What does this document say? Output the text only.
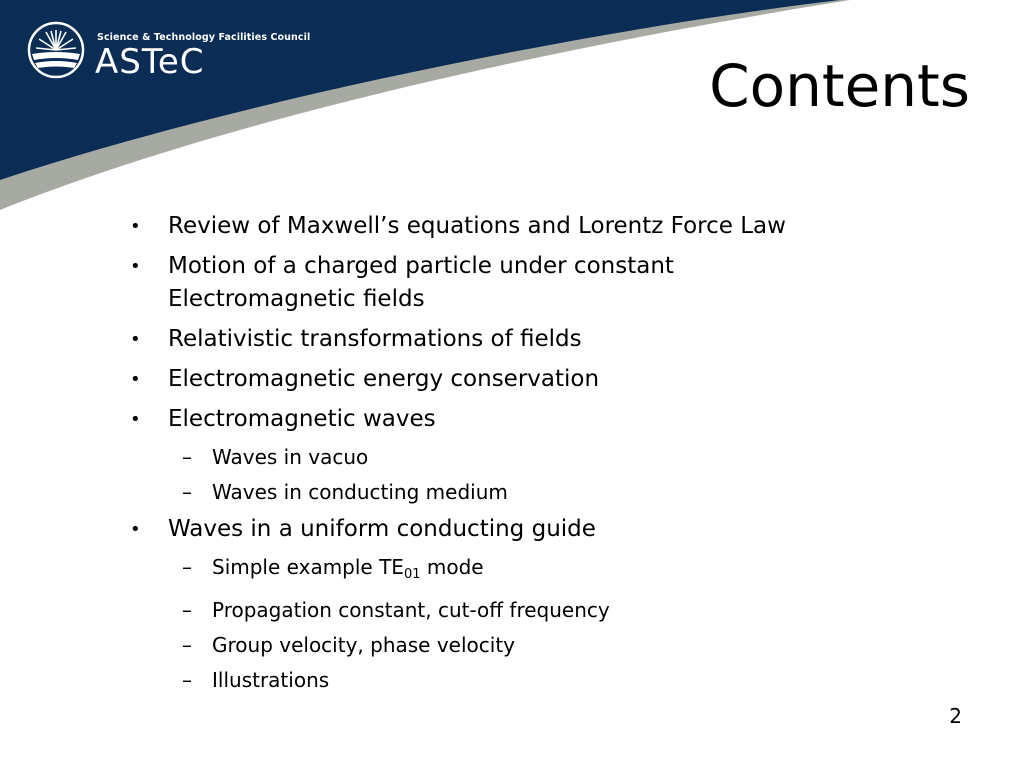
Science & Technology Facilities Council
ASTeC	Contents
• Review of Maxwell’s equations and Lorentz Force Law
• Motion of a charged particle under constant Electromagnetic fields
• Relativistic transformations of fields
• Electromagnetic energy conservation
• Electromagnetic waves
– Waves in vacuo
– Waves in conducting medium
• Waves in a uniform conducting guide
– Simple example $TE_{01}$ mode
– Propagation constant, cut-off frequency
– Group velocity, phase velocity
– Illustrations
2
